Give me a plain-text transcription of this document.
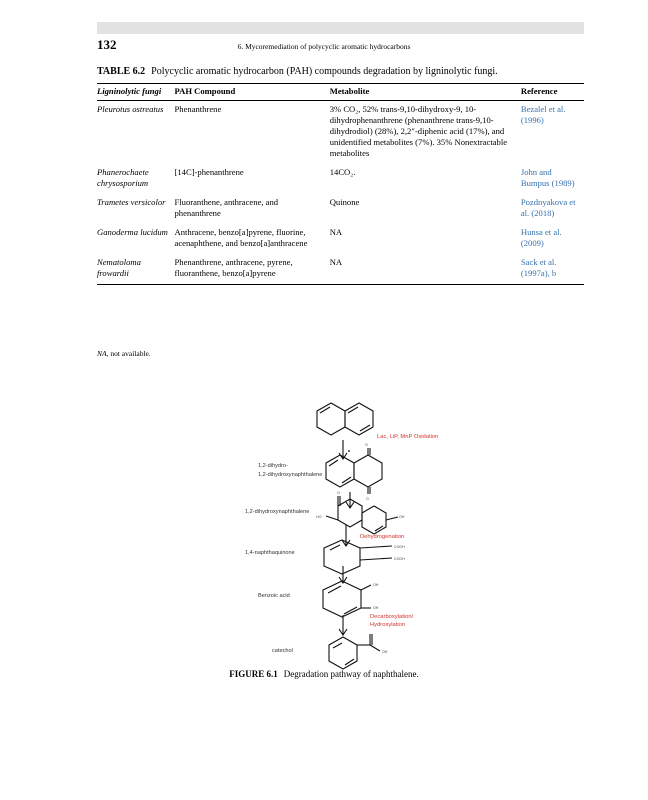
132	6. Mycoremediation of polycyclic aromatic hydrocarbons
TABLE 6.2 Polycyclic aromatic hydrocarbon (PAH) compounds degradation by ligninolytic fungi.
Ligninolytic fungi	PAH Compound	Metabolite	Reference
Pleurotus ostreatus	Phenanthrene	3% CO₂, 52% trans-9,10-dihydroxy-9, 10-dihydrophenanthrene (phenanthrene trans-9,10-dihydrodiol) (28%), 2,2″-diphenic acid (17%), and unidentified metabolites (7%). 35% Nonextractable metabolites	Bezalel et al. (1996)
Phanerochaete chrysosporium	[14C]-phenanthrene	14CO₂.	John and Bumpus (1989)
Trametes versicolor	Fluoranthene, anthracene, and phenanthrene	Quinone	Pozdnyakova et al. (2018)
Ganoderma lucidum	Anthracene, benzo[a]pyrene, fluorine, acenaphthene, and benzo[a]anthracene	NA	Hunsa et al. (2009)
Nematoloma frowardii	Phenanthrene, anthracene, pyrene, fluoranthene, benzo[a]pyrene	NA	Sack et al. (1997a), b
NA, not available.
Lac, LiP, MnP Oxidation
1,2-dihydro-
1,2-dihydroxynaphthalene
O
O
1,2-dihydroxynaphthalene
HO
O
OH
Dehydrogenation
1,4-naphthaquinone
COOH
COOH
Benzoic acid
OH
OH
Decarboxylation/
Hydroxylation
catechol	OH
FIGURE 6.1 Degradation pathway of naphthalene.
